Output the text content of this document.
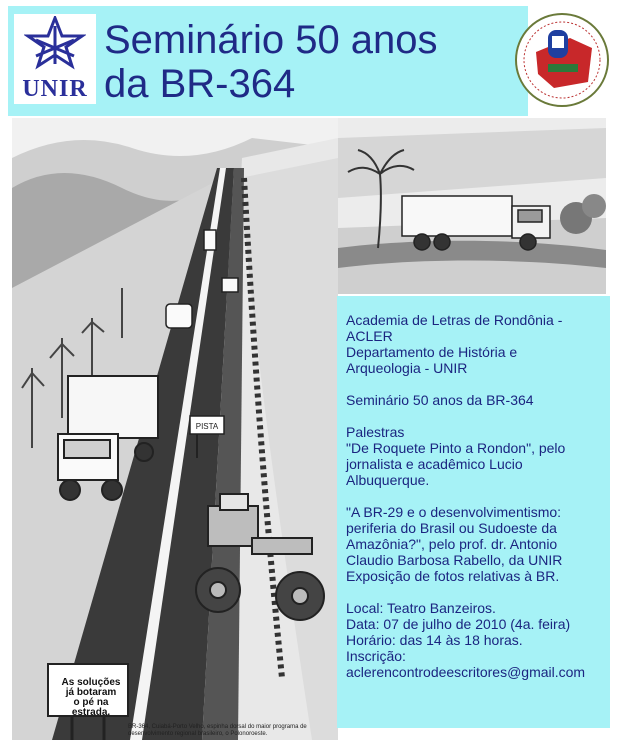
UNIR
Seminário 50 anos
da BR-364
PISTA
As soluções
já botaram
o pé na estrada.
BR-364, Cuiabá-Porto Velho, espinha dorsal do maior programa de desenvolvimento regional brasileiro, o Polonoroeste.
Academia de Letras de Rondônia -
ACLER
Departamento de História e
Arqueologia - UNIR
Seminário 50 anos da BR-364
Palestras
"De Roquete Pinto a Rondon", pelo
jornalista e acadêmico Lucio
Albuquerque.
"A BR-29 e o desenvolvimentismo:
periferia do Brasil ou Sudoeste da
Amazônia?", pelo prof. dr. Antonio
Claudio Barbosa Rabello, da UNIR
Exposição de fotos relativas à BR.
Local: Teatro Banzeiros.
Data: 07 de julho de 2010 (4a. feira)
Horário: das 14 às 18 horas.
Inscrição:
aclerencontrodeescritores@gmail.com
